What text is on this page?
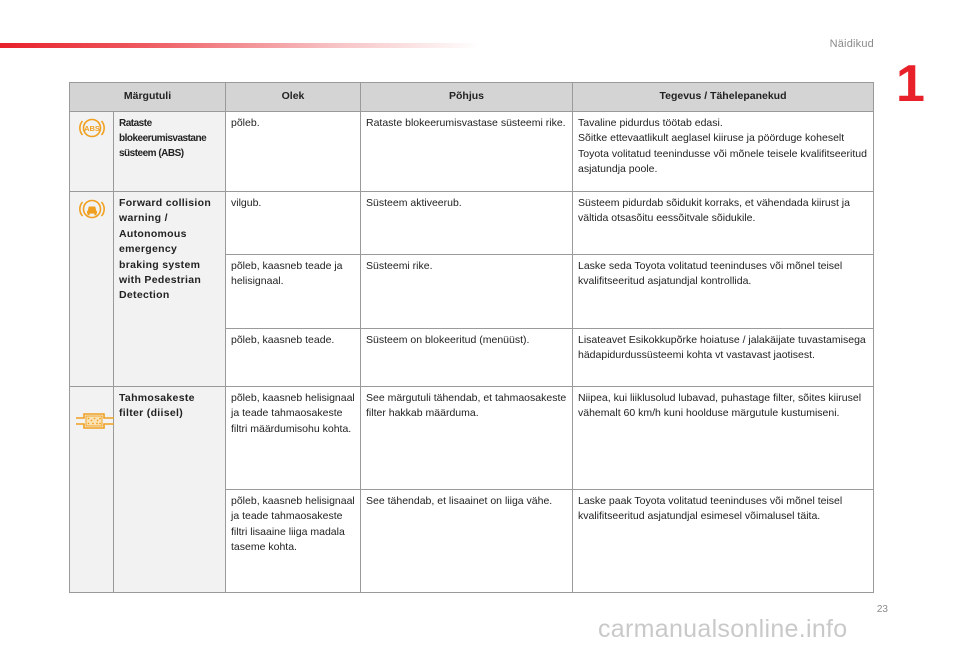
Näidikud
1
Märgutuli		Olek	Põhjus	Tegevus / Tähelepanekud

ABS	Rataste blokeerumisvastane süsteem (ABS)	põleb.	Rataste blokeerumisvastase süsteemi rike.	Tavaline pidurdus töötab edasi.
Sõitke ettevaatlikult aeglasel kiiruse ja pöörduge koheselt Toyota volitatud teenindusse või mõnele teisele kvalifitseeritud asjatundja poole.
	Forward collision warning / Autonomous emergency braking system with Pedestrian Detection	vilgub.	Süsteem aktiveerub.	Süsteem pidurdab sõidukit korraks, et vähendada kiirust ja vältida otsasõitu eessõitvale sõidukile.
		põleb, kaasneb teade ja helisignaal.	Süsteemi rike.	Laske seda Toyota volitatud teeninduses või mõnel teisel kvalifitseeritud asjatundjal kontrollida.
		põleb, kaasneb teade.	Süsteem on blokeeritud (menüüst).	Lisateavet Esikokkupõrke hoiatuse / jalakäijate tuvastamisega hädapidurdussüsteemi kohta vt vastavast jaotisest.
	Tahmosakeste filter (diisel)	põleb, kaasneb helisignaal ja teade tahmaosakeste filtri määrdumisohu kohta.	See märgutuli tähendab, et tahmaosakeste filter hakkab määrduma.	Niipea, kui liiklusolud lubavad, puhastage filter, sõites kiirusel vähemalt 60 km/h kuni hoolduse märgutule kustumiseni.
		põleb, kaasneb helisignaal ja teade tahmaosakeste filtri lisaaine liiga madala taseme kohta.	See tähendab, et lisaainet on liiga vähe.	Laske paak Toyota volitatud teeninduses või mõnel teisel kvalifitseeritud asjatundjal esimesel võimalusel täita.
23
carmanualsonline.info
